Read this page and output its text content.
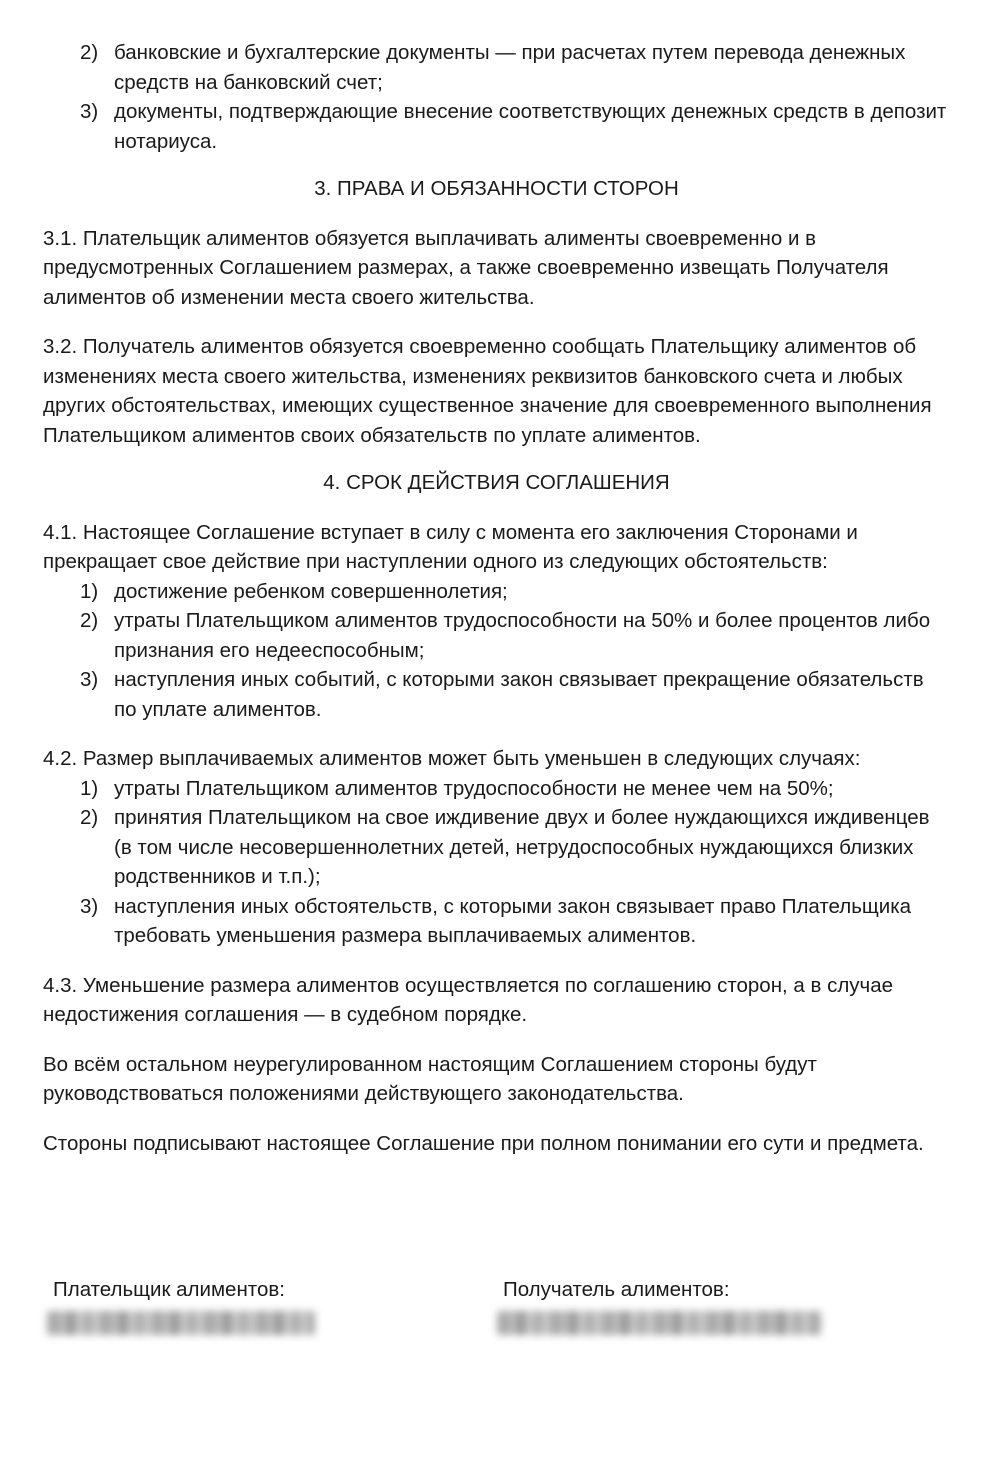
2) банковские и бухгалтерские документы — при расчетах путем перевода денежных средств на банковский счет;
3) документы, подтверждающие внесение соответствующих денежных средств в депозит нотариуса.

3. ПРАВА И ОБЯЗАННОСТИ СТОРОН

3.1. Плательщик алиментов обязуется выплачивать алименты своевременно и в предусмотренных Соглашением размерах, а также своевременно извещать Получателя алиментов об изменении места своего жительства.

3.2. Получатель алиментов обязуется своевременно сообщать Плательщику алиментов об изменениях места своего жительства, изменениях реквизитов банковского счета и любых других обстоятельствах, имеющих существенное значение для своевременного выполнения Плательщиком алиментов своих обязательств по уплате алиментов.

4. СРОК ДЕЙСТВИЯ СОГЛАШЕНИЯ

4.1. Настоящее Соглашение вступает в силу с момента его заключения Сторонами и прекращает свое действие при наступлении одного из следующих обстоятельств:

1) достижение ребенком совершеннолетия;
2) утраты Плательщиком алиментов трудоспособности на 50% и более процентов либо признания его недееспособным;
3) наступления иных событий, с которыми закон связывает прекращение обязательств по уплате алиментов.

4.2. Размер выплачиваемых алиментов может быть уменьшен в следующих случаях:

1) утраты Плательщиком алиментов трудоспособности не менее чем на 50%;
2) принятия Плательщиком на свое иждивение двух и более нуждающихся иждивенцев (в том числе несовершеннолетних детей, нетрудоспособных нуждающихся близких родственников и т.п.);
3) наступления иных обстоятельств, с которыми закон связывает право Плательщика требовать уменьшения размера выплачиваемых алиментов.

4.3. Уменьшение размера алиментов осуществляется по соглашению сторон, а в случае недостижения соглашения — в судебном порядке.

Во всём остальном неурегулированном настоящим Соглашением стороны будут руководствоваться положениями действующего законодательства.

Стороны подписывают настоящее Соглашение при полном понимании его сути и предмета.

Плательщик алиментов:	Получатель алиментов:
